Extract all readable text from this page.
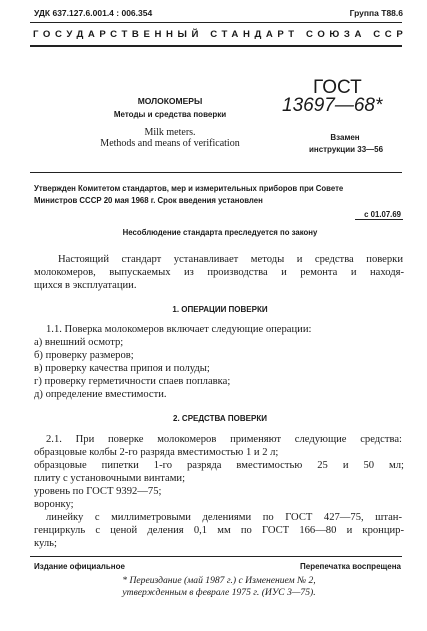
УДК 637.127.6.001.4 : 006.354	Группа Т88.6
ГОСУДАРСТВЕННЫЙ СТАНДАРТ СОЮЗА ССР
МОЛОКОМЕРЫ
Методы и средства поверки
Milk meters.
Methods and means of verification
ГОСТ
13697—68*
Взамен
инструкции 33—56
Утвержден Комитетом стандартов, мер и измерительных приборов при Совете
Министров СССР 20 мая 1968 г. Срок введения установлен
с 01.07.69
Несоблюдение стандарта преследуется по закону
Настоящий стандарт устанавливает методы и средства поверки
молокомеров, выпускаемых из производства и ремонта и находя-
щихся в эксплуатации.
1. ОПЕРАЦИИ ПОВЕРКИ
1.1. Поверка молокомеров включает следующие операции:
а) внешний осмотр;
б) проверку размеров;
в) проверку качества припоя и полуды;
г) проверку герметичности спаев поплавка;
д) определение вместимости.
2. СРЕДСТВА ПОВЕРКИ
2.1. При поверке молокомеров применяют следующие средства:
образцовые колбы 2-го разряда вместимостью 1 и 2 л;
образцовые пипетки 1-го разряда вместимостью 25 и 50 мл;
плиту с установочными винтами;
уровень по ГОСТ 9392—75;
воронку;
линейку с миллиметровыми делениями по ГОСТ 427—75, штан-
генциркуль с ценой деления 0,1 мм по ГОСТ 166—80 и кронцир-
куль;
Издание официальное	Перепечатка воспрещена
* Переиздание (май 1987 г.) с Изменением № 2,
утвержденным в феврале 1975 г. (ИУС 3—75).
